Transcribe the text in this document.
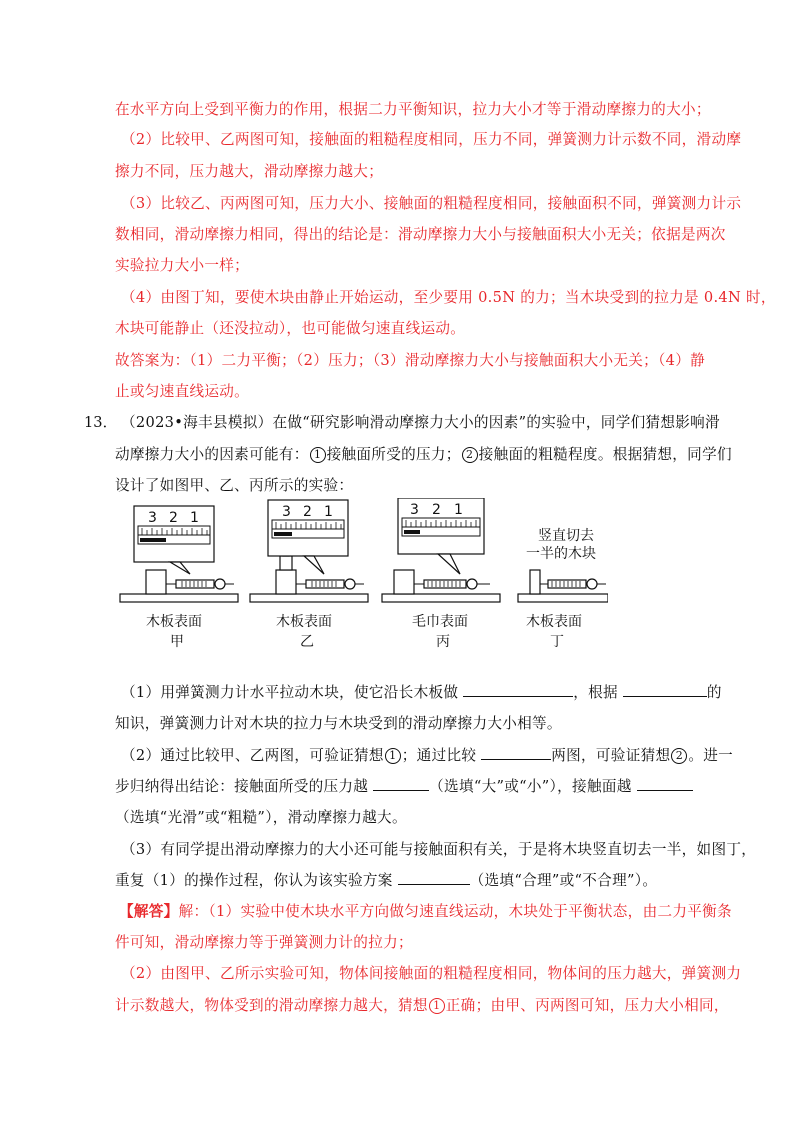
在水平方向上受到平衡力的作用，根据二力平衡知识，拉力大小才等于滑动摩擦力的大小；
（2）比较甲、乙两图可知，接触面的粗糙程度相同，压力不同，弹簧测力计示数不同，滑动摩
擦力不同，压力越大，滑动摩擦力越大；
（3）比较乙、丙两图可知，压力大小、接触面的粗糙程度相同，接触面积不同，弹簧测力计示
数相同，滑动摩擦力相同，得出的结论是：滑动摩擦力大小与接触面积大小无关；依据是两次
实验拉力大小一样；
（4）由图丁知，要使木块由静止开始运动，至少要用 0.5N 的力；当木块受到的拉力是 0.4N 时，
木块可能静止（还没拉动），也可能做匀速直线运动。
故答案为：（1）二力平衡；（2）压力；（3）滑动摩擦力大小与接触面积大小无关；（4）静
止或匀速直线运动。
13． （2023•海丰县模拟）在做“研究影响滑动摩擦力大小的因素”的实验中，同学们猜想影响滑
动摩擦力大小的因素可能有： 1 接触面所受的压力； 2 接触面的粗糙程度。根据猜想，同学们
设计了如图甲、乙、丙所示的实验：
3 2 1
木板表面
甲
3 2 1
木板表面
乙
3 2 1
毛巾表面
丙
竖直切去
一半的木块
木板表面
丁
（1）用弹簧测力计水平拉动木块，使它沿长木板做	，根据	的
知识，弹簧测力计对木块的拉力与木块受到的滑动摩擦力大小相等。
（2）通过比较甲、乙两图，可验证猜想 1 ；通过比较	两图，可验证猜想 2 。进一
步归纳得出结论：接触面所受的压力越	（选填“大”或“小”），接触面越
（选填“光滑”或“粗糙”），滑动摩擦力越大。
（3）有同学提出滑动摩擦力的大小还可能与接触面积有关，于是将木块竖直切去一半，如图丁，
重复（1）的操作过程，你认为该实验方案	（选填“合理”或“不合理”）。
【解答】解：（1）实验中使木块水平方向做匀速直线运动，木块处于平衡状态，由二力平衡条
件可知，滑动摩擦力等于弹簧测力计的拉力；
（2）由图甲、乙所示实验可知，物体间接触面的粗糙程度相同，物体间的压力越大，弹簧测力
计示数越大，物体受到的滑动摩擦力越大，猜想 1 正确；由甲、丙两图可知，压力大小相同，
